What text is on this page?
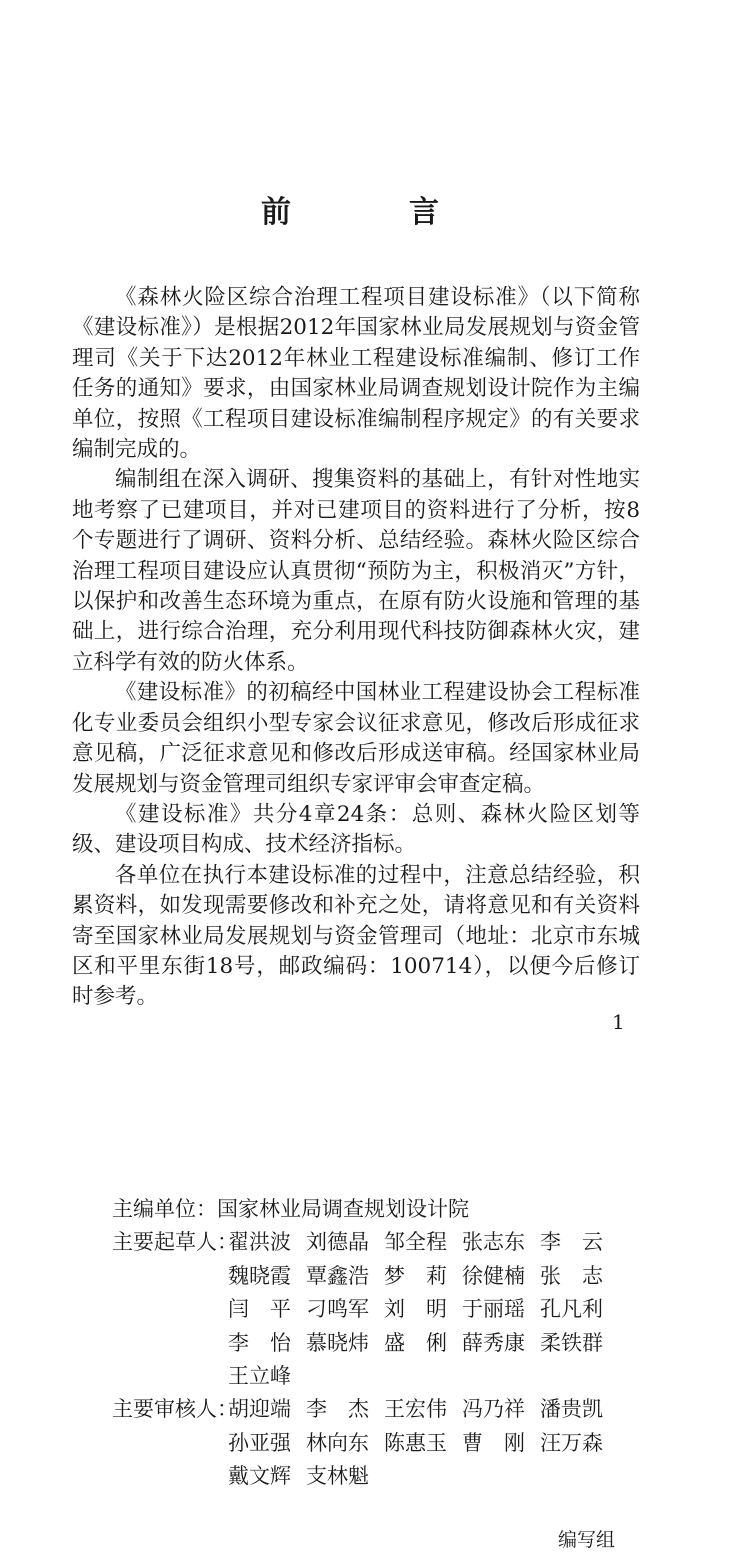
前　言

《森林火险区综合治理工程项目建设标准》（以下简称《建设标准》）是根据2012年国家林业局发展规划与资金管理司《关于下达2012年林业工程建设标准编制、修订工作任务的通知》要求，由国家林业局调查规划设计院作为主编单位，按照《工程项目建设标准编制程序规定》的有关要求编制完成的。

编制组在深入调研、搜集资料的基础上，有针对性地实地考察了已建项目，并对已建项目的资料进行了分析，按8个专题进行了调研、资料分析、总结经验。森林火险区综合治理工程项目建设应认真贯彻“预防为主，积极消灭”方针，以保护和改善生态环境为重点，在原有防火设施和管理的基础上，进行综合治理，充分利用现代科技防御森林火灾，建立科学有效的防火体系。

《建设标准》的初稿经中国林业工程建设协会工程标准化专业委员会组织小型专家会议征求意见，修改后形成征求意见稿，广泛征求意见和修改后形成送审稿。经国家林业局发展规划与资金管理司组织专家评审会审查定稿。

《建设标准》共分4章24条：总则、森林火险区划等级、建设项目构成、技术经济指标。

各单位在执行本建设标准的过程中，注意总结经验，积累资料，如发现需要修改和补充之处，请将意见和有关资料寄至国家林业局发展规划与资金管理司（地址：北京市东城区和平里东街18号，邮政编码：100714），以便今后修订时参考。

1
主编单位： 国家林业局调查规划设计院
主要起草人：
翟洪波 刘德晶 邹全程 张志东 李　云
魏晓霞 覃鑫浩 梦　莉 徐健楠 张　志
闫　平 刁鸣军 刘　明 于丽瑶 孔凡利
李　怡 慕晓炜 盛　俐 薛秀康 柔铁群
王立峰
主要审核人：
胡迎端 李　杰 王宏伟 冯乃祥 潘贵凯
孙亚强 林向东 陈惠玉 曹　刚 汪万森
戴文辉 支林魁
编写组
